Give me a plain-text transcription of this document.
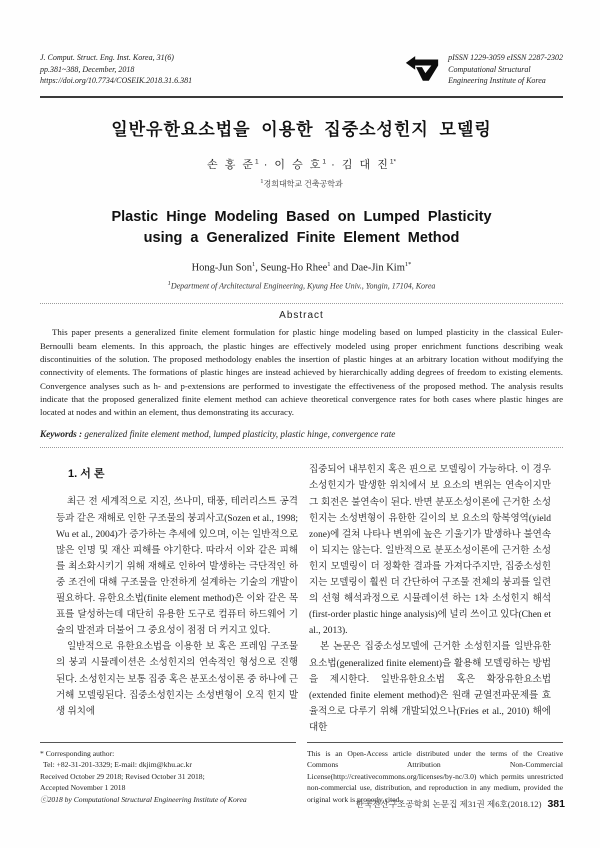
J. Comput. Struct. Eng. Inst. Korea, 31(6)
pp.381~388, December, 2018
https://doi.org/10.7734/COSEIK.2018.31.6.381
pISSN 1229-3059 eISSN 2287-2302
Computational Structural
Engineering Institute of Korea
일반유한요소법을 이용한 집중소성힌지 모델링
손 홍 준$^1$ · 이 승 호$^1$ · 김 대 진$^{1*}$
$^1$경희대학교 건축공학과
Plastic Hinge Modeling Based on Lumped Plasticity
using a Generalized Finite Element Method
Hong-Jun Son$^1$, Seung-Ho Rhee$^1$ and Dae-Jin Kim$^{1*}$
$^1$Department of Architectural Engineering, Kyung Hee Univ., Yongin, 17104, Korea
Abstract

This paper presents a generalized finite element formulation for plastic hinge modeling based on lumped plasticity in the classical Euler-Bernoulli beam elements. In this approach, the plastic hinges are effectively modeled using proper enrichment functions describing weak discontinuities of the solution. The proposed methodology enables the insertion of plastic hinges at an arbitrary location without modifying the connectivity of elements. The formations of plastic hinges are instead achieved by hierarchically adding degrees of freedom to existing elements. Convergence analyses such as h- and p-extensions are performed to investigate the effectiveness of the proposed method. The analysis results indicate that the proposed generalized finite element method can achieve theoretical convergence rates for both cases where plastic hinges are located at nodes and within an element, thus demonstrating its accuracy.

Keywords : generalized finite element method, lumped plasticity, plastic hinge, convergence rate
1. 서 론

최근 전 세계적으로 지진, 쓰나미, 태풍, 테러리스트 공격 등과 같은 재해로 인한 구조물의 붕괴사고(Sozen et al., 1998; Wu et al., 2004)가 증가하는 추세에 있으며, 이는 일반적으로 많은 인명 및 재산 피해를 야기한다. 따라서 이와 같은 피해를 최소화시키기 위해 재해로 인하여 발생하는 극단적인 하중 조건에 대해 구조물을 안전하게 설계하는 기술의 개발이 필요하다. 유한요소법(finite element method)은 이와 같은 목표를 달성하는데 대단히 유용한 도구로 컴퓨터 하드웨어 기술의 발전과 더불어 그 중요성이 점점 더 커지고 있다.

일반적으로 유한요소법을 이용한 보 혹은 프레임 구조물의 붕괴 시뮬레이션은 소성힌지의 연속적인 형성으로 진행된다. 소성힌지는 보통 집중 혹은 분포소성이론 중 하나에 근거해 모델링된다. 집중소성힌지는 소성변형이 오직 힌지 발생 위치에

집중되어 내부힌지 혹은 핀으로 모델링이 가능하다. 이 경우 소성힌지가 발생한 위치에서 보 요소의 변위는 연속이지만 그 회전은 불연속이 된다. 반면 분포소성이론에 근거한 소성힌지는 소성변형이 유한한 길이의 보 요소의 항복영역(yield zone)에 걸쳐 나타나 변위에 높은 기울기가 발생하나 불연속이 되지는 않는다. 일반적으로 분포소성이론에 근거한 소성힌지 모델링이 더 정확한 결과를 가져다주지만, 집중소성힌지는 모델링이 훨씬 더 간단하여 구조물 전체의 붕괴를 일련의 선형 해석과정으로 시뮬레이션 하는 1차 소성힌지 해석(first-order plastic hinge analysis)에 널리 쓰이고 있다(Chen et al., 2013).

본 논문은 집중소성모델에 근거한 소성힌지를 일반유한요소법(generalized finite element)을 활용해 모델링하는 방법을 제시한다. 일반유한요소법 혹은 확장유한요소법(extended finite element method)은 원래 균열전파문제를 효율적으로 다루기 위해 개발되었으나(Fries et al., 2010) 해에 대한

* Corresponding author:
Tel: +82-31-201-3329; E-mail: dkjim@khu.ac.kr
Received October 29 2018; Revised October 31 2018;
Accepted November 1 2018
ⓒ2018 by Computational Structural Engineering Institute of Korea

This is an Open-Access article distributed under the terms of the Creative Commons Attribution Non-Commercial License(http://creativecommons.org/licenses/by-nc/3.0) which permits unrestricted non-commercial use, distribution, and reproduction in any medium, provided the original work is properly cited.

한국전산구조공학회 논문집 제31권 제6호(2018.12) 381
